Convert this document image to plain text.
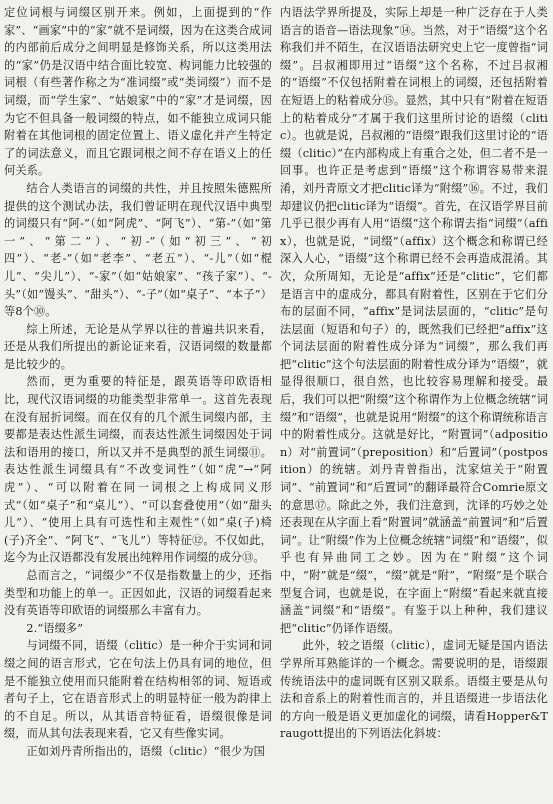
定位词根与词缀区别开来。例如，上面提到的“作家”、“画家”中的“家”就不是词缀，因为在这类合成词的内部前后成分之间明显是修饰关系，所以这类用法的“家”仍是汉语中结合面比较宽、构词能力比较强的词根（有些著作称之为“准词缀”或“类词缀”）而不是词缀，而“学生家”、“姑娘家”中的“家”才是词缀，因为它不但具备一般词缀的特点，如不能独立成词只能附着在其他词根的固定位置上、语义虚化并产生特定了的词法意义，而且它跟词根之间不存在语义上的任何关系。

结合人类语言的词缀的共性，并且按照朱德熙所提供的这个测试办法，我们曾证明在现代汉语中典型的词缀只有“阿-”（如“阿虎”、“阿飞”）、“第-”（如“第一”、“第二”）、“初-”（如“初三”、“初四”）、“老-”（如“老李”、“老五”）、“-儿”（如“棍儿”、“尖儿”）、“-家”（如“姑娘家”、“孩子家”）、“-头”（如“馒头”、“甜头”）、“-子”（如“桌子”、“本子”）等8个⑩。

综上所述，无论是从学界以往的普遍共识来看，还是从我们所提出的新论证来看，汉语词缀的数量都是比较少的。

然而，更为重要的特征是，跟英语等印欧语相比，现代汉语词缀的功能类型非常单一。这首先表现在没有屈折词缀。而在仅有的几个派生词缀内部，主要都是表达性派生词缀，而表达性派生词缀因处于词法和语用的接口，所以又并不是典型的派生词缀⑪。表达性派生词缀具有“不改变词性”（如“虎”→“阿虎”）、“可以附着在同一词根之上构成同义形式”（如“桌子”和“桌儿”）、“可以套叠使用”（如“甜头儿”）、“使用上具有可选性和主观性”（如“桌(子)椅(子)齐全”、“阿飞”、“飞儿”）等特征⑫。不仅如此，迄今为止汉语都没有发展出纯粹用作词缀的成分⑬。

总而言之，“词缀少”不仅是指数量上的少，还指类型和功能上的单一。正因如此，汉语的词缀看起来没有英语等印欧语的词缀那么丰富有力。

2.“语缀多”

与词缀不同，语缀（clitic）是一种介于实词和词缀之间的语言形式，它在句法上仍具有词的地位，但是不能独立使用而只能附着在结构相邻的词、短语或者句子上，它在语音形式上的明显特征一般为韵律上的不自足。所以，从其语音特征看，语缀很像是词缀，而从其句法表现来看，它又有些像实词。

正如刘丹青所指出的，语缀（clitic）“很少为国

内语法学界所提及，实际上却是一种广泛存在于人类语言的语音—语法现象”⑭。当然，对于“语缀”这个名称我们并不陌生，在汉语语法研究史上它一度曾指“词缀”。吕叔湘即用过“语缀”这个名称，不过吕叔湘的“语缀”不仅包括附着在词根上的词缀，还包括附着在短语上的粘着成分⑮。显然，其中只有“附着在短语上的粘着成分”才属于我们这里所讨论的语缀（clitic）。也就是说，吕叔湘的“语缀”跟我们这里讨论的“语缀（clitic）”在内部构成上有重合之处，但二者不是一回事。也许正是考虑到“语缀”这个称谓容易带来混淆，刘丹青原文才把clitic译为“附缀”⑯。不过，我们却建议仍把clitic译为“语缀”。首先，在汉语学界目前几乎已很少再有人用“语缀”这个称谓去指“词缀”（affix），也就是说，“词缀”（affix）这个概念和称谓已经深入人心，“语缀”这个称谓已经不会再造成混淆。其次，众所周知，无论是“affix”还是“clitic”，它们都是语言中的虚成分，都具有附着性，区别在于它们分布的层面不同，“affix”是词法层面的，“clitic”是句法层面（短语和句子）的，既然我们已经把“affix”这个词法层面的附着性成分译为“词缀”，那么我们再把“clitic”这个句法层面的附着性成分译为“语缀”，就显得很顺口，很自然，也比较容易理解和接受。最后，我们可以把“附缀”这个称谓作为上位概念统辖“词缀”和“语缀”，也就是说用“附缀”的这个称谓统称语言中的附着性成分。这就是好比，“附置词”（adposition）对“前置词”（preposition）和“后置词”（postposition）的统辖。刘丹青曾指出，沈家煊关于“附置词”、“前置词”和“后置词”的翻译最符合Comrie原文的意思⑰。除此之外，我们注意到，沈译的巧妙之处还表现在从字面上看“附置词”就涵盖“前置词”和“后置词”。让“附缀”作为上位概念统辖“词缀”和“语缀”，似乎也有异曲同工之妙。因为在“附缀”这个词中，“附”就是“缀”，“缀”就是“附”，“附缀”是个联合型复合词，也就是说，在字面上“附缀”看起来就直接涵盖“词缀”和“语缀”。有鉴于以上种种，我们建议把“clitic”仍译作语缀。

此外，较之语缀（clitic），虚词无疑是国内语法学界所耳熟能详的一个概念。需要说明的是，语缀跟传统语法中的虚词既有区别又联系。语缀主要是从句法和音系上的附着性而言的，并且语缀进一步语法化的方向一般是语义更加虚化的词缀，请看Hopper&Traugott提出的下列语法化斜坡：
